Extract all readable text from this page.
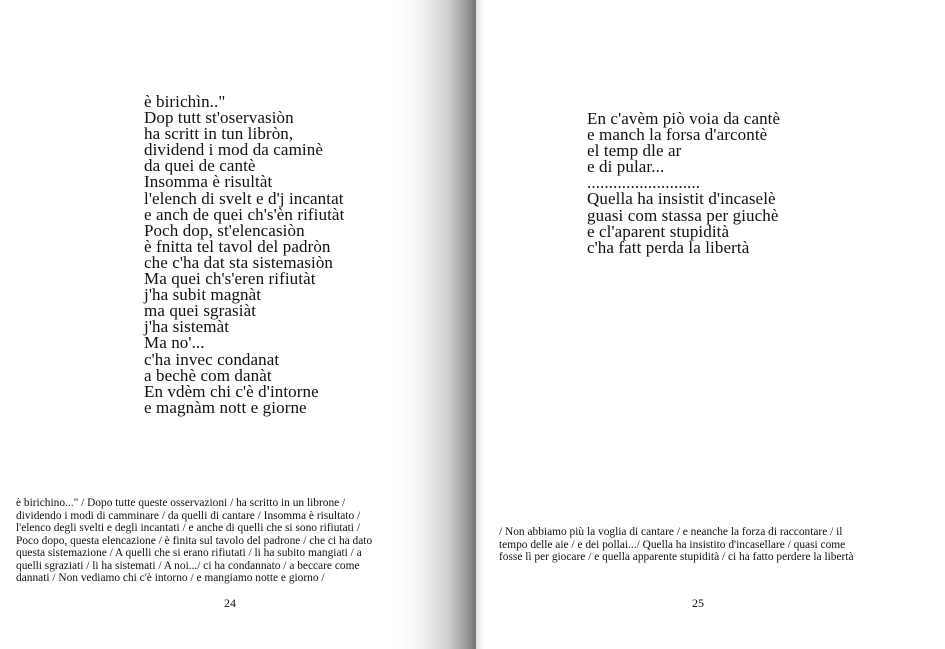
è birichìn.."
Dop tutt st'oservasiòn
ha scritt in tun libròn,
dividend i mod da caminè
da quei de cantè
Insomma è risultàt
l'elench di svelt e d'j incantat
e anch de quei ch's'èn rifiutàt
Poch dop, st'elencasiòn
è fnitta tel tavol del padròn
che c'ha dat sta sistemasiòn
Ma quei ch's'eren rifiutàt
j'ha subit magnàt
ma quei sgrasiàt
j'ha sistemàt
Ma no'...
c'ha invec condanat
a bechè com danàt
En vdèm chi c'è d'intorne
e magnàm nott e giorne
è birichino..." / Dopo tutte queste osservazioni / ha scritto in un librone /
dividendo i modi di camminare / da quelli di cantare / Insomma è risultato /
l'elenco degli svelti e degli incantati / e anche di quelli che si sono rifiutati /
Poco dopo, questa elencazione / è finita sul tavolo del padrone / che ci ha dato
questa sistemazione / A quelli che si erano rifiutati / li ha subito mangiati / a
quelli sgraziati / li ha sistemati / A noi.../ ci ha condannato / a beccare come
dannati / Non vediamo chi c'è intorno / e mangiamo notte e giorno /
24
En c'avèm piò voia da cantè
e manch la forsa d'arcontè
el temp dle ar
e di pular...
..........................
Quella ha insistit d'incaselè
guasi com stassa per giuchè
e cl'aparent stupidità
c'ha fatt perda la libertà
/ Non abbiamo più la voglia di cantare / e neanche la forza di raccontare / il
tempo delle aie / e dei pollai.../ Quella ha insistito d'incasellare / quasi come
fosse lì per giocare / e quella apparente stupidità / ci ha fatto perdere la libertà
25
